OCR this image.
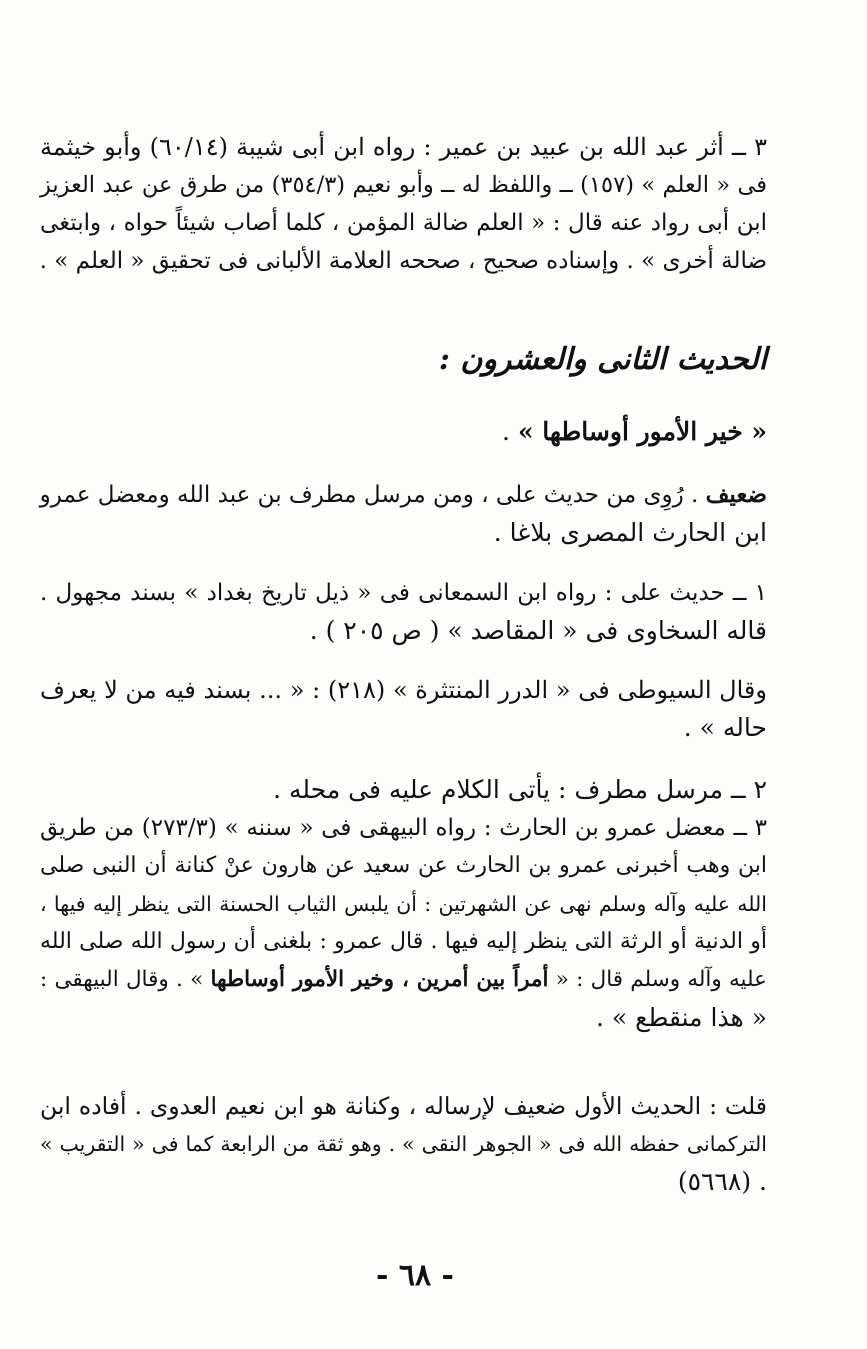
٣ ــ أثر عبد الله بن عبيد بن عمير : رواه ابن أبى شيبة (٦٠/١٤) وأبو خيثمة
فى « العلم » (١٥٧) ــ واللفظ له ــ وأبو نعيم (٣٥٤/٣) من طرق عن عبد العزيز
ابن أبى رواد عنه قال : « العلم ضالة المؤمن ، كلما أصاب شيئاً حواه ، وابتغى
ضالة أخرى » . وإسناده صحيح ، صححه العلامة الألبانى فى تحقيق « العلم » .
الحديث الثانى والعشرون :
« خير الأمور أوساطها » .
ضعيف . رُوِى من حديث على ، ومن مرسل مطرف بن عبد الله ومعضل عمرو
ابن الحارث المصرى بلاغا .
١ ــ حديث على : رواه ابن السمعانى فى « ذيل تاريخ بغداد » بسند مجهول .
قاله السخاوى فى « المقاصد » ( ص ٢٠٥ ) .
وقال السيوطى فى « الدرر المنتثرة » (٢١٨) : « ... بسند فيه من لا يعرف
حاله » .
٢ ــ مرسل مطرف : يأتى الكلام عليه فى محله .
٣ ــ معضل عمرو بن الحارث : رواه البيهقى فى « سننه » (٢٧٣/٣) من طريق
ابن وهب أخبرنى عمرو بن الحارث عن سعيد عن هارون عنْ كنانة أن النبى صلى
الله عليه وآله وسلم نهى عن الشهرتين : أن يلبس الثياب الحسنة التى ينظر إليه فيها ،
أو الدنية أو الرثة التى ينظر إليه فيها . قال عمرو : بلغنى أن رسول الله صلى الله
عليه وآله وسلم قال : « أمراً بين أمرين ، وخير الأمور أوساطها » . وقال البيهقى :
« هذا منقطع » .
قلت : الحديث الأول ضعيف لإرساله ، وكنانة هو ابن نعيم العدوى . أفاده ابن
التركمانى حفظه الله فى « الجوهر النقى » . وهو ثقة من الرابعة كما فى « التقريب »
. (٥٦٦٨)
- ٦٨ -
